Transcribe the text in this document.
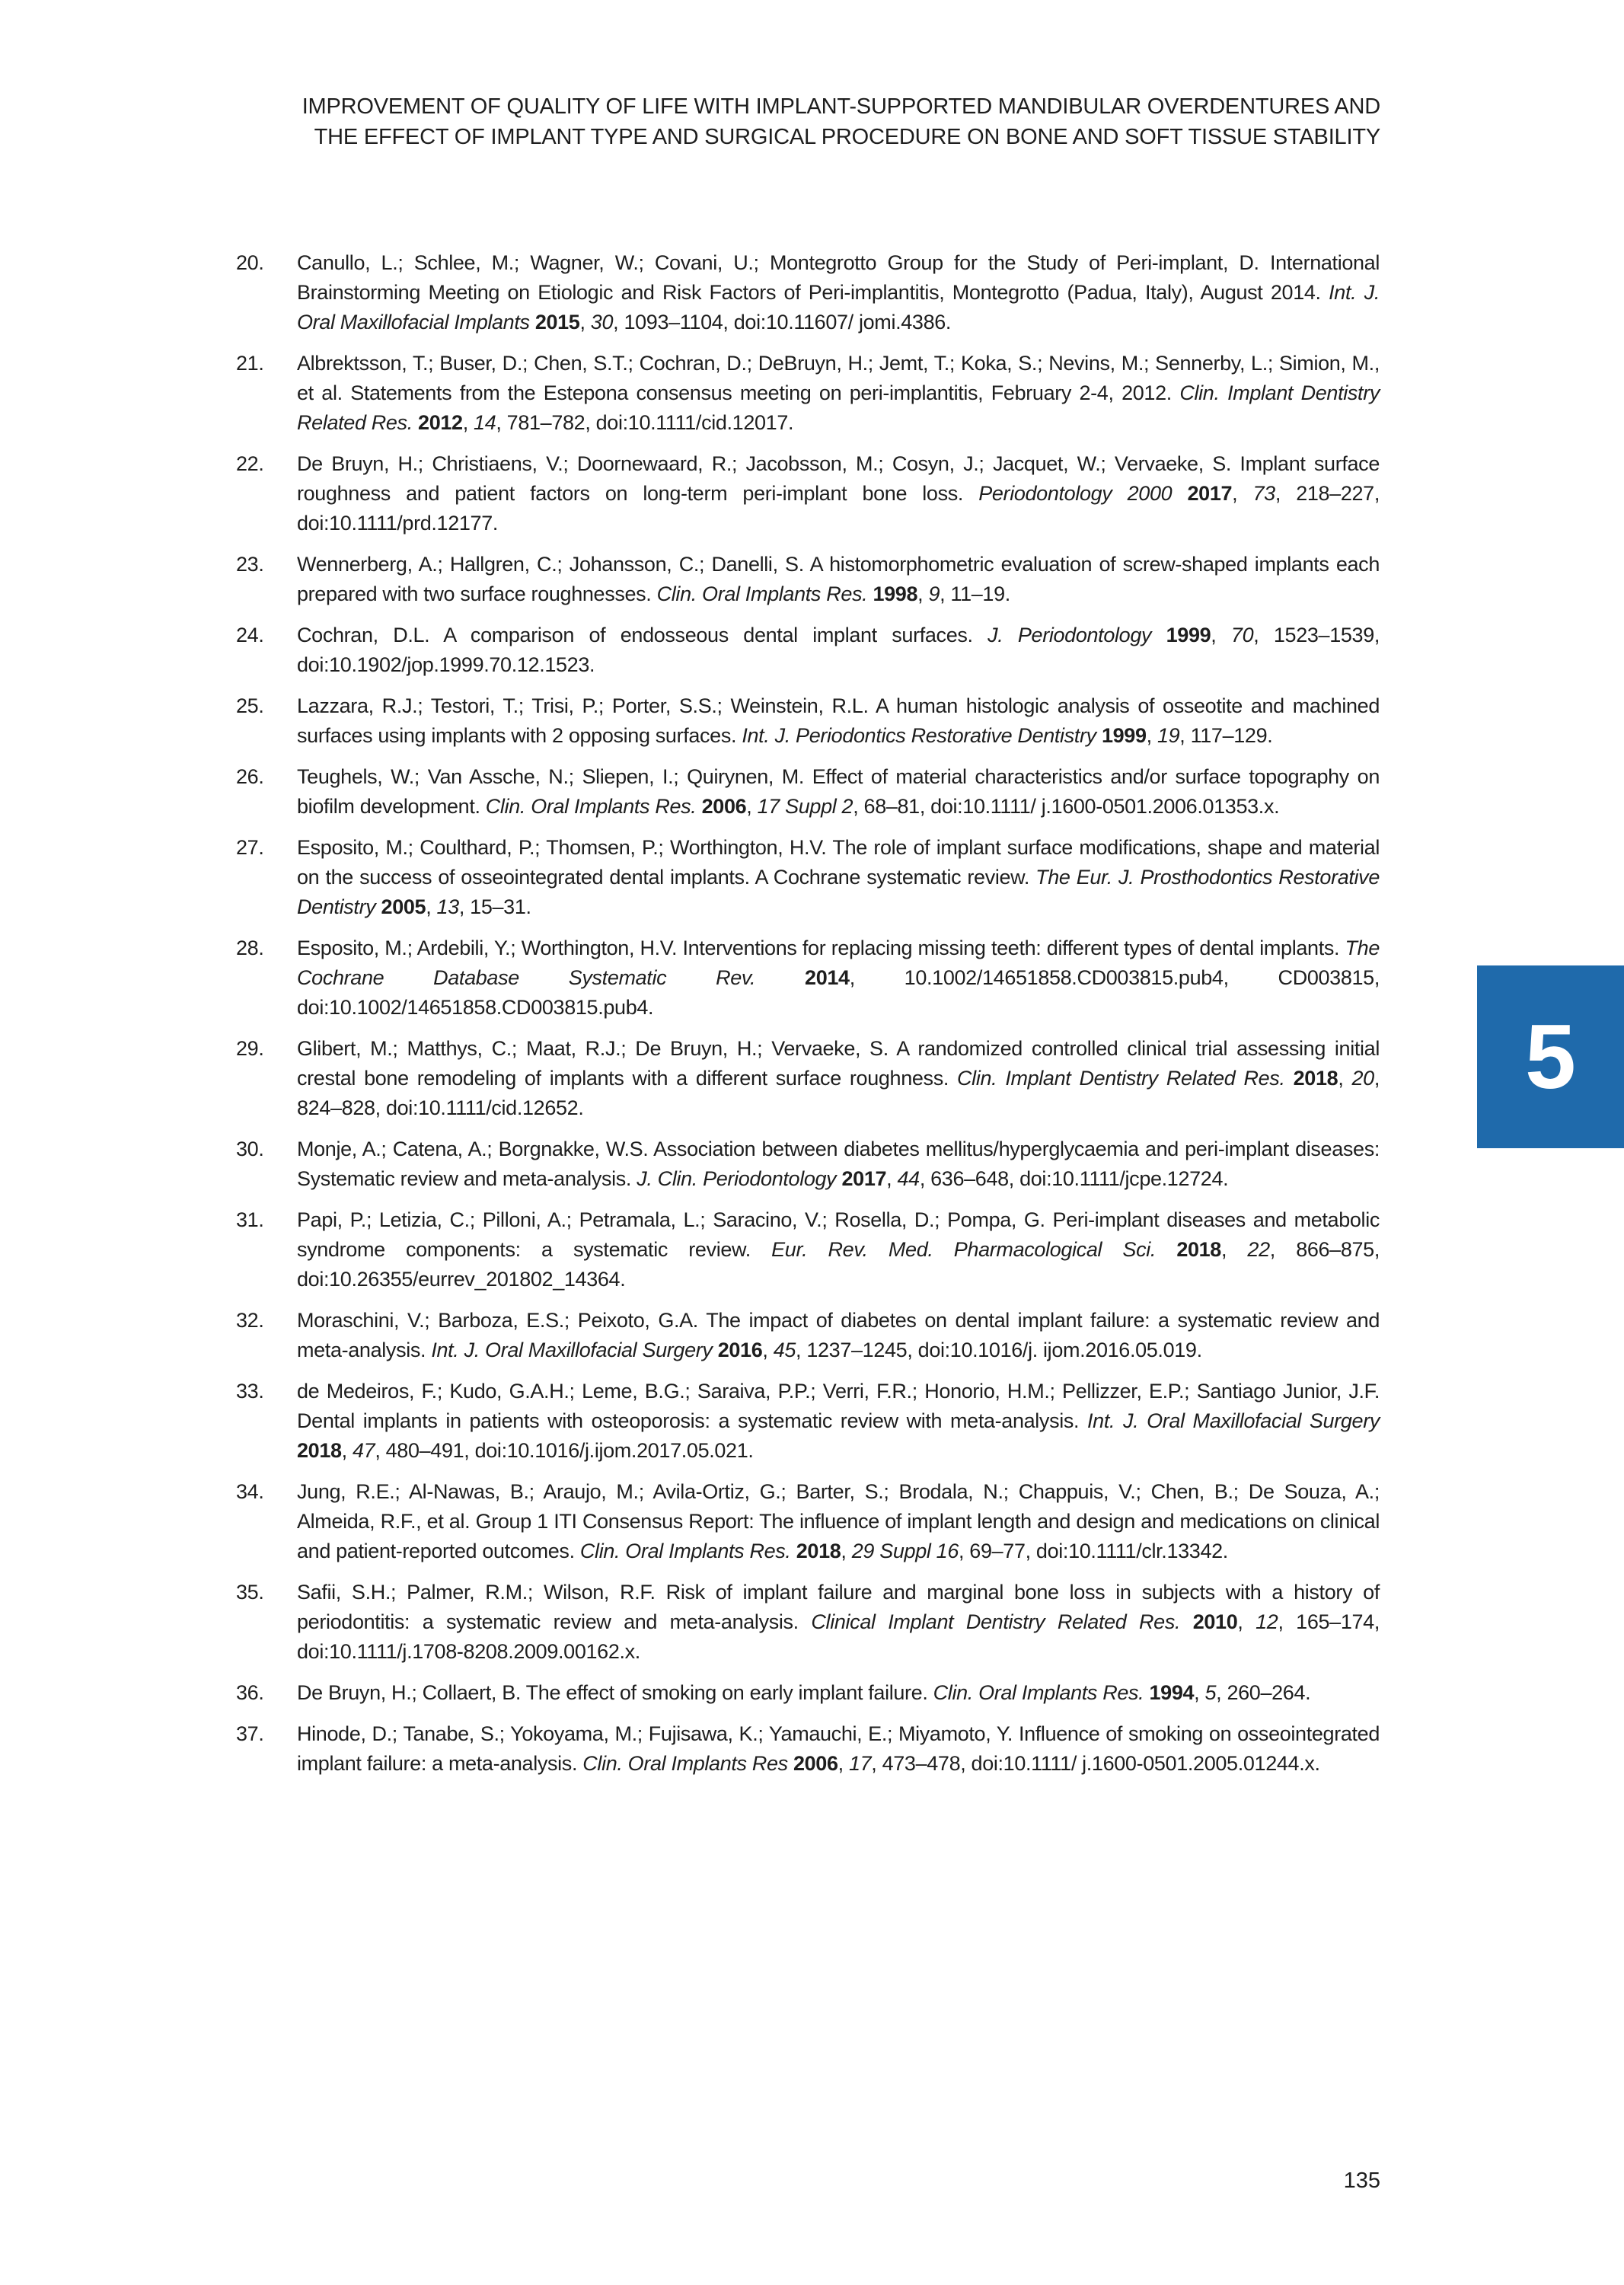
IMPROVEMENT OF QUALITY OF LIFE WITH IMPLANT-SUPPORTED MANDIBULAR OVERDENTURES AND
THE EFFECT OF IMPLANT TYPE AND SURGICAL PROCEDURE ON BONE AND SOFT TISSUE STABILITY
20. Canullo, L.; Schlee, M.; Wagner, W.; Covani, U.; Montegrotto Group for the Study of Peri-implant, D. International Brainstorming Meeting on Etiologic and Risk Factors of Peri-implantitis, Montegrotto (Padua, Italy), August 2014. Int. J. Oral Maxillofacial Implants 2015, 30, 1093–1104, doi:10.11607/ jomi.4386.
21. Albrektsson, T.; Buser, D.; Chen, S.T.; Cochran, D.; DeBruyn, H.; Jemt, T.; Koka, S.; Nevins, M.; Sennerby, L.; Simion, M., et al. Statements from the Estepona consensus meeting on peri-implantitis, February 2-4, 2012. Clin. Implant Dentistry Related Res. 2012, 14, 781–782, doi:10.1111/cid.12017.
22. De Bruyn, H.; Christiaens, V.; Doornewaard, R.; Jacobsson, M.; Cosyn, J.; Jacquet, W.; Vervaeke, S. Implant surface roughness and patient factors on long-term peri-implant bone loss. Periodontology 2000 2017, 73, 218–227, doi:10.1111/prd.12177.
23. Wennerberg, A.; Hallgren, C.; Johansson, C.; Danelli, S. A histomorphometric evaluation of screw-shaped implants each prepared with two surface roughnesses. Clin. Oral Implants Res. 1998, 9, 11–19.
24. Cochran, D.L. A comparison of endosseous dental implant surfaces. J. Periodontology 1999, 70, 1523–1539, doi:10.1902/jop.1999.70.12.1523.
25. Lazzara, R.J.; Testori, T.; Trisi, P.; Porter, S.S.; Weinstein, R.L. A human histologic analysis of osseotite and machined surfaces using implants with 2 opposing surfaces. Int. J. Periodontics Restorative Dentistry 1999, 19, 117–129.
26. Teughels, W.; Van Assche, N.; Sliepen, I.; Quirynen, M. Effect of material characteristics and/or surface topography on biofilm development. Clin. Oral Implants Res. 2006, 17 Suppl 2, 68–81, doi:10.1111/ j.1600-0501.2006.01353.x.
27. Esposito, M.; Coulthard, P.; Thomsen, P.; Worthington, H.V. The role of implant surface modifications, shape and material on the success of osseointegrated dental implants. A Cochrane systematic review. The Eur. J. Prosthodontics Restorative Dentistry 2005, 13, 15–31.
28. Esposito, M.; Ardebili, Y.; Worthington, H.V. Interventions for replacing missing teeth: different types of dental implants. The Cochrane Database Systematic Rev. 2014, 10.1002/14651858.CD003815.pub4, CD003815, doi:10.1002/14651858.CD003815.pub4.
29. Glibert, M.; Matthys, C.; Maat, R.J.; De Bruyn, H.; Vervaeke, S. A randomized controlled clinical trial assessing initial crestal bone remodeling of implants with a different surface roughness. Clin. Implant Dentistry Related Res. 2018, 20, 824–828, doi:10.1111/cid.12652.
30. Monje, A.; Catena, A.; Borgnakke, W.S. Association between diabetes mellitus/hyperglycaemia and peri-implant diseases: Systematic review and meta-analysis. J. Clin. Periodontology 2017, 44, 636–648, doi:10.1111/jcpe.12724.
31. Papi, P.; Letizia, C.; Pilloni, A.; Petramala, L.; Saracino, V.; Rosella, D.; Pompa, G. Peri-implant diseases and metabolic syndrome components: a systematic review. Eur. Rev. Med. Pharmacological Sci. 2018, 22, 866–875, doi:10.26355/eurrev_201802_14364.
32. Moraschini, V.; Barboza, E.S.; Peixoto, G.A. The impact of diabetes on dental implant failure: a systematic review and meta-analysis. Int. J. Oral Maxillofacial Surgery 2016, 45, 1237–1245, doi:10.1016/j. ijom.2016.05.019.
33. de Medeiros, F.; Kudo, G.A.H.; Leme, B.G.; Saraiva, P.P.; Verri, F.R.; Honorio, H.M.; Pellizzer, E.P.; Santiago Junior, J.F. Dental implants in patients with osteoporosis: a systematic review with meta-analysis. Int. J. Oral Maxillofacial Surgery 2018, 47, 480–491, doi:10.1016/j.ijom.2017.05.021.
34. Jung, R.E.; Al-Nawas, B.; Araujo, M.; Avila-Ortiz, G.; Barter, S.; Brodala, N.; Chappuis, V.; Chen, B.; De Souza, A.; Almeida, R.F., et al. Group 1 ITI Consensus Report: The influence of implant length and design and medications on clinical and patient-reported outcomes. Clin. Oral Implants Res. 2018, 29 Suppl 16, 69–77, doi:10.1111/clr.13342.
35. Safii, S.H.; Palmer, R.M.; Wilson, R.F. Risk of implant failure and marginal bone loss in subjects with a history of periodontitis: a systematic review and meta-analysis. Clinical Implant Dentistry Related Res. 2010, 12, 165–174, doi:10.1111/j.1708-8208.2009.00162.x.
36. De Bruyn, H.; Collaert, B. The effect of smoking on early implant failure. Clin. Oral Implants Res. 1994, 5, 260–264.
37. Hinode, D.; Tanabe, S.; Yokoyama, M.; Fujisawa, K.; Yamauchi, E.; Miyamoto, Y. Influence of smoking on osseointegrated implant failure: a meta-analysis. Clin. Oral Implants Res 2006, 17, 473–478, doi:10.1111/ j.1600-0501.2005.01244.x.
5
135
